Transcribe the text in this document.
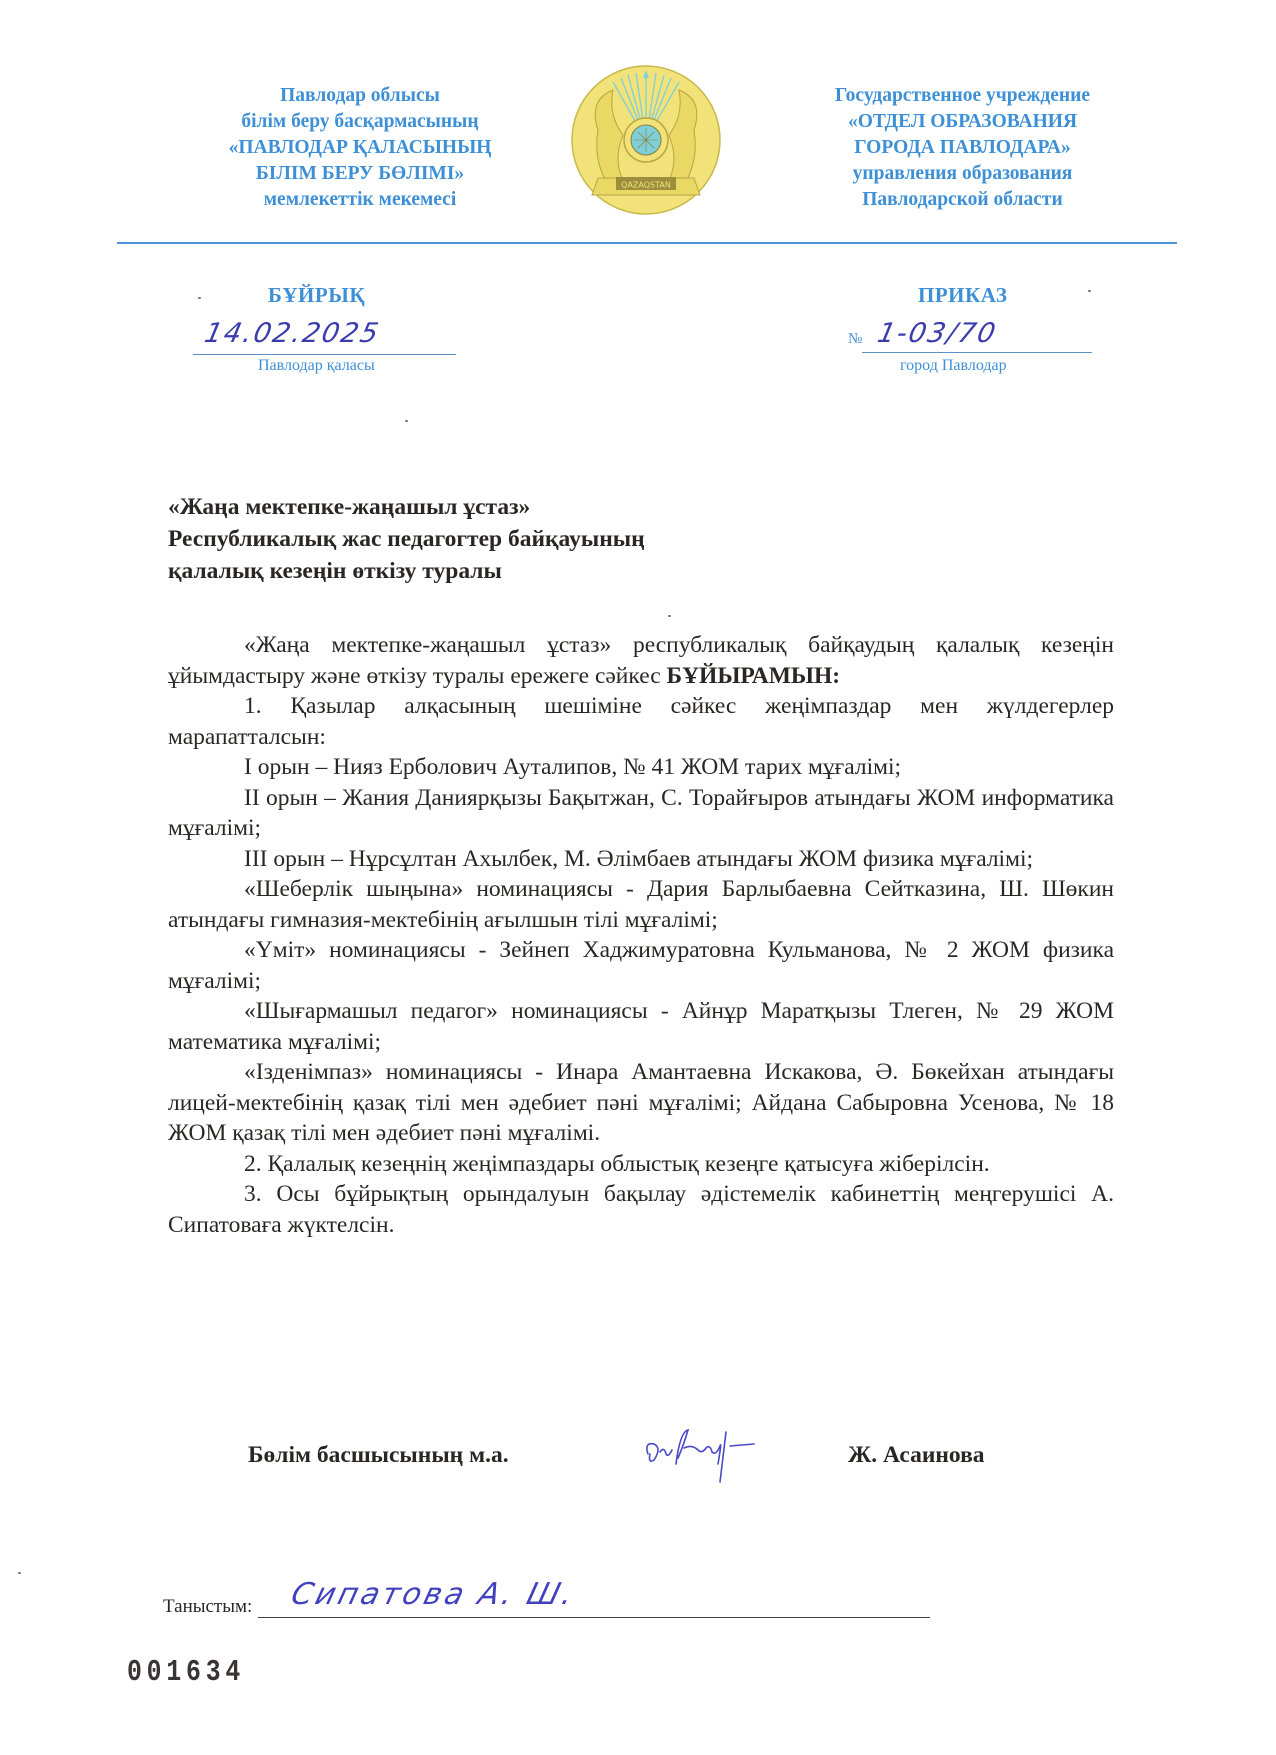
Павлодар облысы
білім беру басқармасының
«ПАВЛОДАР ҚАЛАСЫНЫҢ
БІЛІМ БЕРУ БӨЛІМІ»
мемлекеттік мекемесі
QAZAQSTAN
Государственное учреждение
«ОТДЕЛ ОБРАЗОВАНИЯ
ГОРОДА ПАВЛОДАРА»
управления образования
Павлодарской области
БҰЙРЫҚ	ПРИКАЗ
14.02.2025
Павлодар қаласы
№ 1-03/70
город Павлодар
«Жаңа мектепке-жаңашыл ұстаз»
Республикалық жас педагогтер байқауының
қалалық кезеңін өткізу туралы

«Жаңа мектепке-жаңашыл ұстаз» республикалық байқаудың қалалық кезеңін ұйымдастыру және өткізу туралы ережеге сәйкес БҰЙЫРАМЫН:

1. Қазылар алқасының шешіміне сәйкес жеңімпаздар мен жүлдегерлер марапатталсын:

I орын – Нияз Ерболович Ауталипов, № 41 ЖОМ тарих мұғалімі;

II орын – Жания Даниярқызы Бақытжан, С. Торайғыров атындағы ЖОМ информатика мұғалімі;

III орын – Нұрсұлтан Ахылбек, М. Әлімбаев атындағы ЖОМ физика мұғалімі;

«Шеберлік шыңына» номинациясы - Дария Барлыбаевна Сейтказина, Ш. Шөкин атындағы гимназия-мектебінің ағылшын тілі мұғалімі;

«Үміт» номинациясы - Зейнеп Хаджимуратовна Кульманова, № 2 ЖОМ физика мұғалімі;

«Шығармашыл педагог» номинациясы - Айнұр Маратқызы Тлеген, № 29 ЖОМ математика мұғалімі;

«Ізденімпаз» номинациясы - Инара Амантаевна Искакова, Ә. Бөкейхан атындағы лицей-мектебінің қазақ тілі мен әдебиет пәні мұғалімі; Айдана Сабыровна Усенова, № 18 ЖОМ қазақ тілі мен әдебиет пәні мұғалімі.

2. Қалалық кезеңнің жеңімпаздары облыстық кезеңге қатысуға жіберілсін.

3. Осы бұйрықтың орындалуын бақылау әдістемелік кабинеттің меңгерушісі А. Сипатоваға жүктелсін.

Бөлім басшысының м.а.	Ж. Асаинова
Таныстым: Сипатова А. Ш.
001634
